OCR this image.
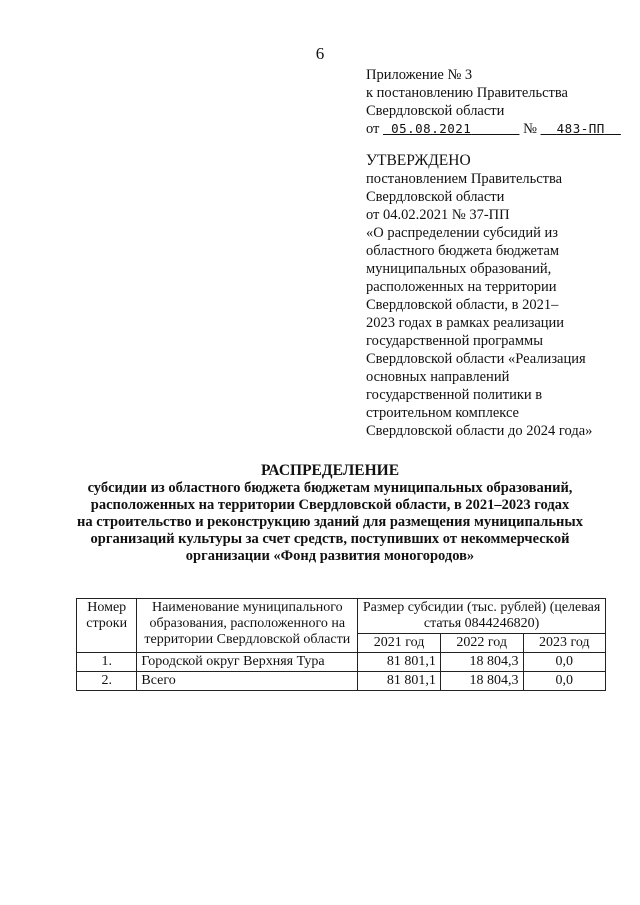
6
Приложение № 3
к постановлению Правительства
Свердловской области
от 05.08.2021	№ 483-ПП
УТВЕРЖДЕНО
постановлением Правительства
Свердловской области
от 04.02.2021 № 37-ПП
«О распределении субсидий из
областного бюджета бюджетам
муниципальных образований,
расположенных на территории
Свердловской области, в 2021–
2023 годах в рамках реализации
государственной программы
Свердловской области «Реализация
основных направлений
государственной политики в
строительном комплексе
Свердловской области до 2024 года»
РАСПРЕДЕЛЕНИЕ
субсидии из областного бюджета бюджетам муниципальных образований,
расположенных на территории Свердловской области, в 2021–2023 годах
на строительство и реконструкцию зданий для размещения муниципальных
организаций культуры за счет средств, поступивших от некоммерческой
организации «Фонд развития моногородов»
Номер строки	Наименование муниципального образования, расположенного на территории Свердловской области	Размер субсидии (тыс. рублей) (целевая статья 0844246820)		
		2021 год	2022 год	2023 год
1.	Городской округ Верхняя Тура	81 801,1	18 804,3	0,0
2.	Всего	81 801,1	18 804,3	0,0
